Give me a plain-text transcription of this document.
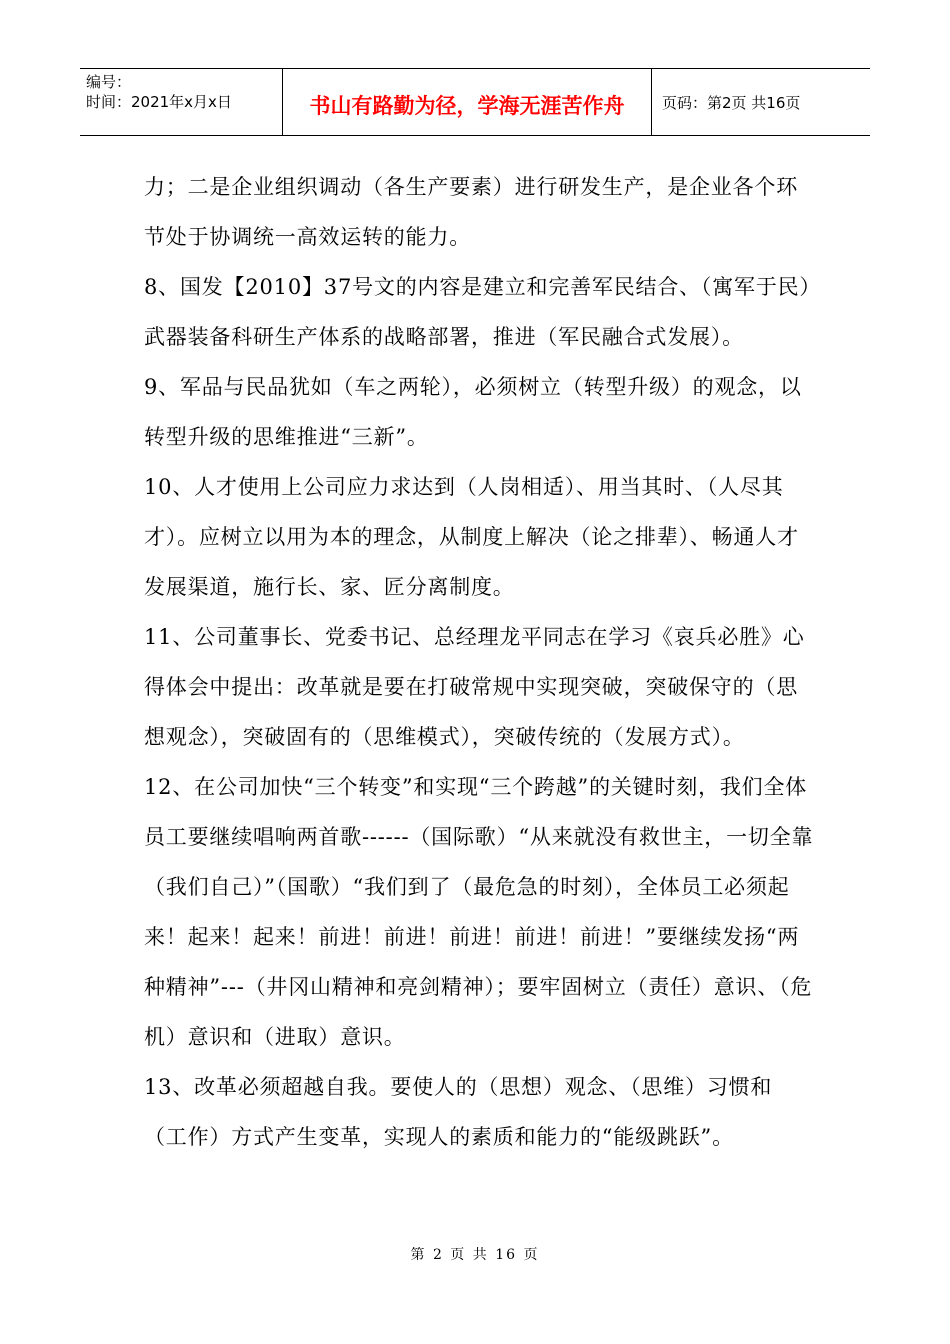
编号：
时间：2021年x月x日	书山有路勤为径，学海无涯苦作舟	页码：第2页 共16页

力；二是企业组织调动（各生产要素）进行研发生产，是企业各个环节处于协调统一高效运转的能力。

8、国发【2010】37号文的内容是建立和完善军民结合、（寓军于民）武器装备科研生产体系的战略部署，推进（军民融合式发展）。

9、军品与民品犹如（车之两轮），必须树立（转型升级）的观念，以转型升级的思维推进“三新”。

10、人才使用上公司应力求达到（人岗相适）、用当其时、（人尽其才）。应树立以用为本的理念，从制度上解决（论之排辈）、畅通人才发展渠道，施行长、家、匠分离制度。

11、公司董事长、党委书记、总经理龙平同志在学习《哀兵必胜》心得体会中提出：改革就是要在打破常规中实现突破，突破保守的（思想观念），突破固有的（思维模式），突破传统的（发展方式）。

12、在公司加快“三个转变”和实现“三个跨越”的关键时刻，我们全体员工要继续唱响两首歌------（国际歌）“从来就没有救世主，一切全靠（我们自己）”（国歌）“我们到了（最危急的时刻），全体员工必须起来！起来！起来！前进！前进！前进！前进！前进！”要继续发扬“两种精神”---（井冈山精神和亮剑精神）；要牢固树立（责任）意识、（危机）意识和（进取）意识。

13、改革必须超越自我。要使人的（思想）观念、（思维）习惯和（工作）方式产生变革，实现人的素质和能力的“能级跳跃”。

第 2 页 共 16 页
